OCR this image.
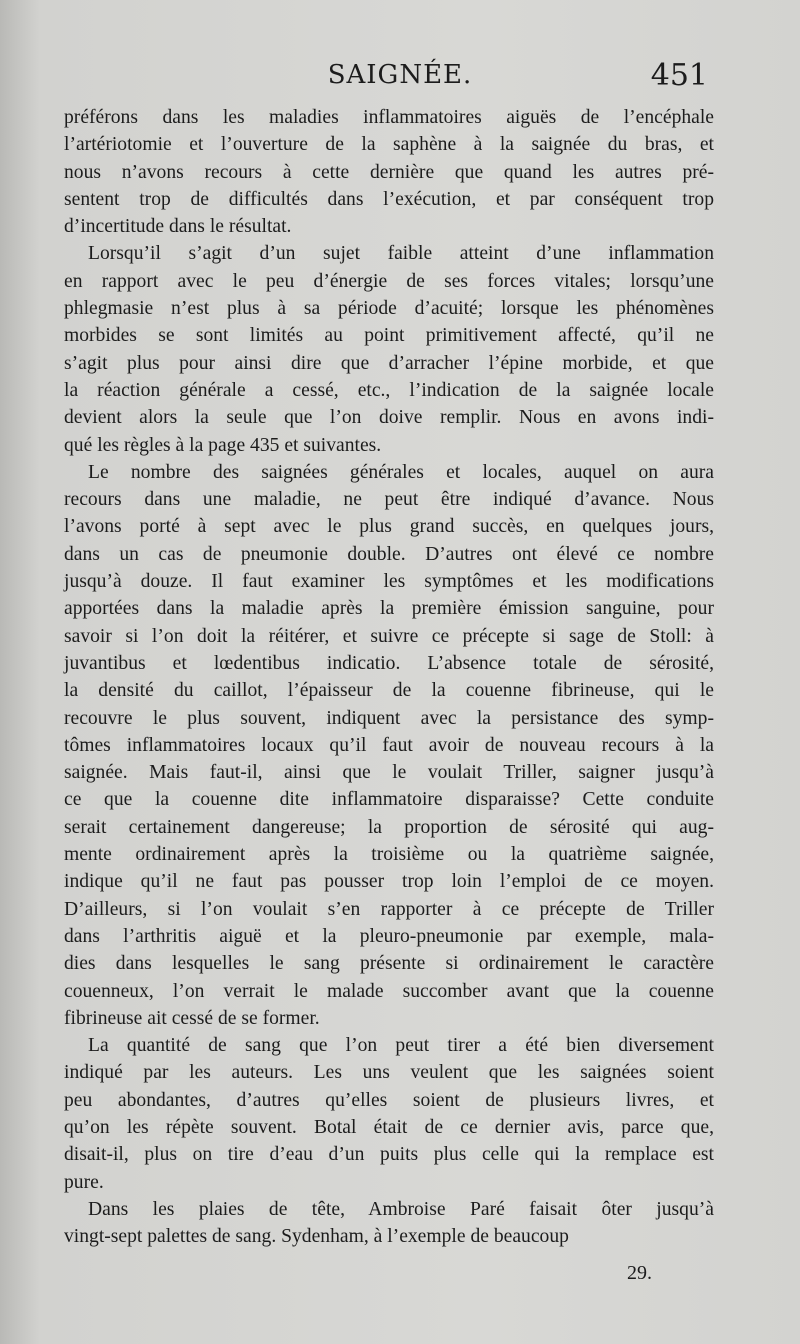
SAIGNÉE.	451
préférons dans les maladies inflammatoires aiguës de l’encéphale
l’artériotomie et l’ouverture de la saphène à la saignée du bras, et
nous n’avons recours à cette dernière que quand les autres pré-
sentent trop de difficultés dans l’exécution, et par conséquent trop
d’incertitude dans le résultat.
Lorsqu’il s’agit d’un sujet faible atteint d’une inflammation
en rapport avec le peu d’énergie de ses forces vitales; lorsqu’une
phlegmasie n’est plus à sa période d’acuité; lorsque les phénomènes
morbides se sont limités au point primitivement affecté, qu’il ne
s’agit plus pour ainsi dire que d’arracher l’épine morbide, et que
la réaction générale a cessé, etc., l’indication de la saignée locale
devient alors la seule que l’on doive remplir. Nous en avons indi-
qué les règles à la page 435 et suivantes.
Le nombre des saignées générales et locales, auquel on aura
recours dans une maladie, ne peut être indiqué d’avance. Nous
l’avons porté à sept avec le plus grand succès, en quelques jours,
dans un cas de pneumonie double. D’autres ont élevé ce nombre
jusqu’à douze. Il faut examiner les symptômes et les modifications
apportées dans la maladie après la première émission sanguine, pour
savoir si l’on doit la réitérer, et suivre ce précepte si sage de Stoll: à
juvantibus et lœdentibus indicatio. L’absence totale de sérosité,
la densité du caillot, l’épaisseur de la couenne fibrineuse, qui le
recouvre le plus souvent, indiquent avec la persistance des symp-
tômes inflammatoires locaux qu’il faut avoir de nouveau recours à la
saignée. Mais faut-il, ainsi que le voulait Triller, saigner jusqu’à
ce que la couenne dite inflammatoire disparaisse? Cette conduite
serait certainement dangereuse; la proportion de sérosité qui aug-
mente ordinairement après la troisième ou la quatrième saignée,
indique qu’il ne faut pas pousser trop loin l’emploi de ce moyen.
D’ailleurs, si l’on voulait s’en rapporter à ce précepte de Triller
dans l’arthritis aiguë et la pleuro-pneumonie par exemple, mala-
dies dans lesquelles le sang présente si ordinairement le caractère
couenneux, l’on verrait le malade succomber avant que la couenne
fibrineuse ait cessé de se former.
La quantité de sang que l’on peut tirer a été bien diversement
indiqué par les auteurs. Les uns veulent que les saignées soient
peu abondantes, d’autres qu’elles soient de plusieurs livres, et
qu’on les répète souvent. Botal était de ce dernier avis, parce que,
disait-il, plus on tire d’eau d’un puits plus celle qui la remplace est
pure.
Dans les plaies de tête, Ambroise Paré faisait ôter jusqu’à
vingt-sept palettes de sang. Sydenham, à l’exemple de beaucoup
29.
